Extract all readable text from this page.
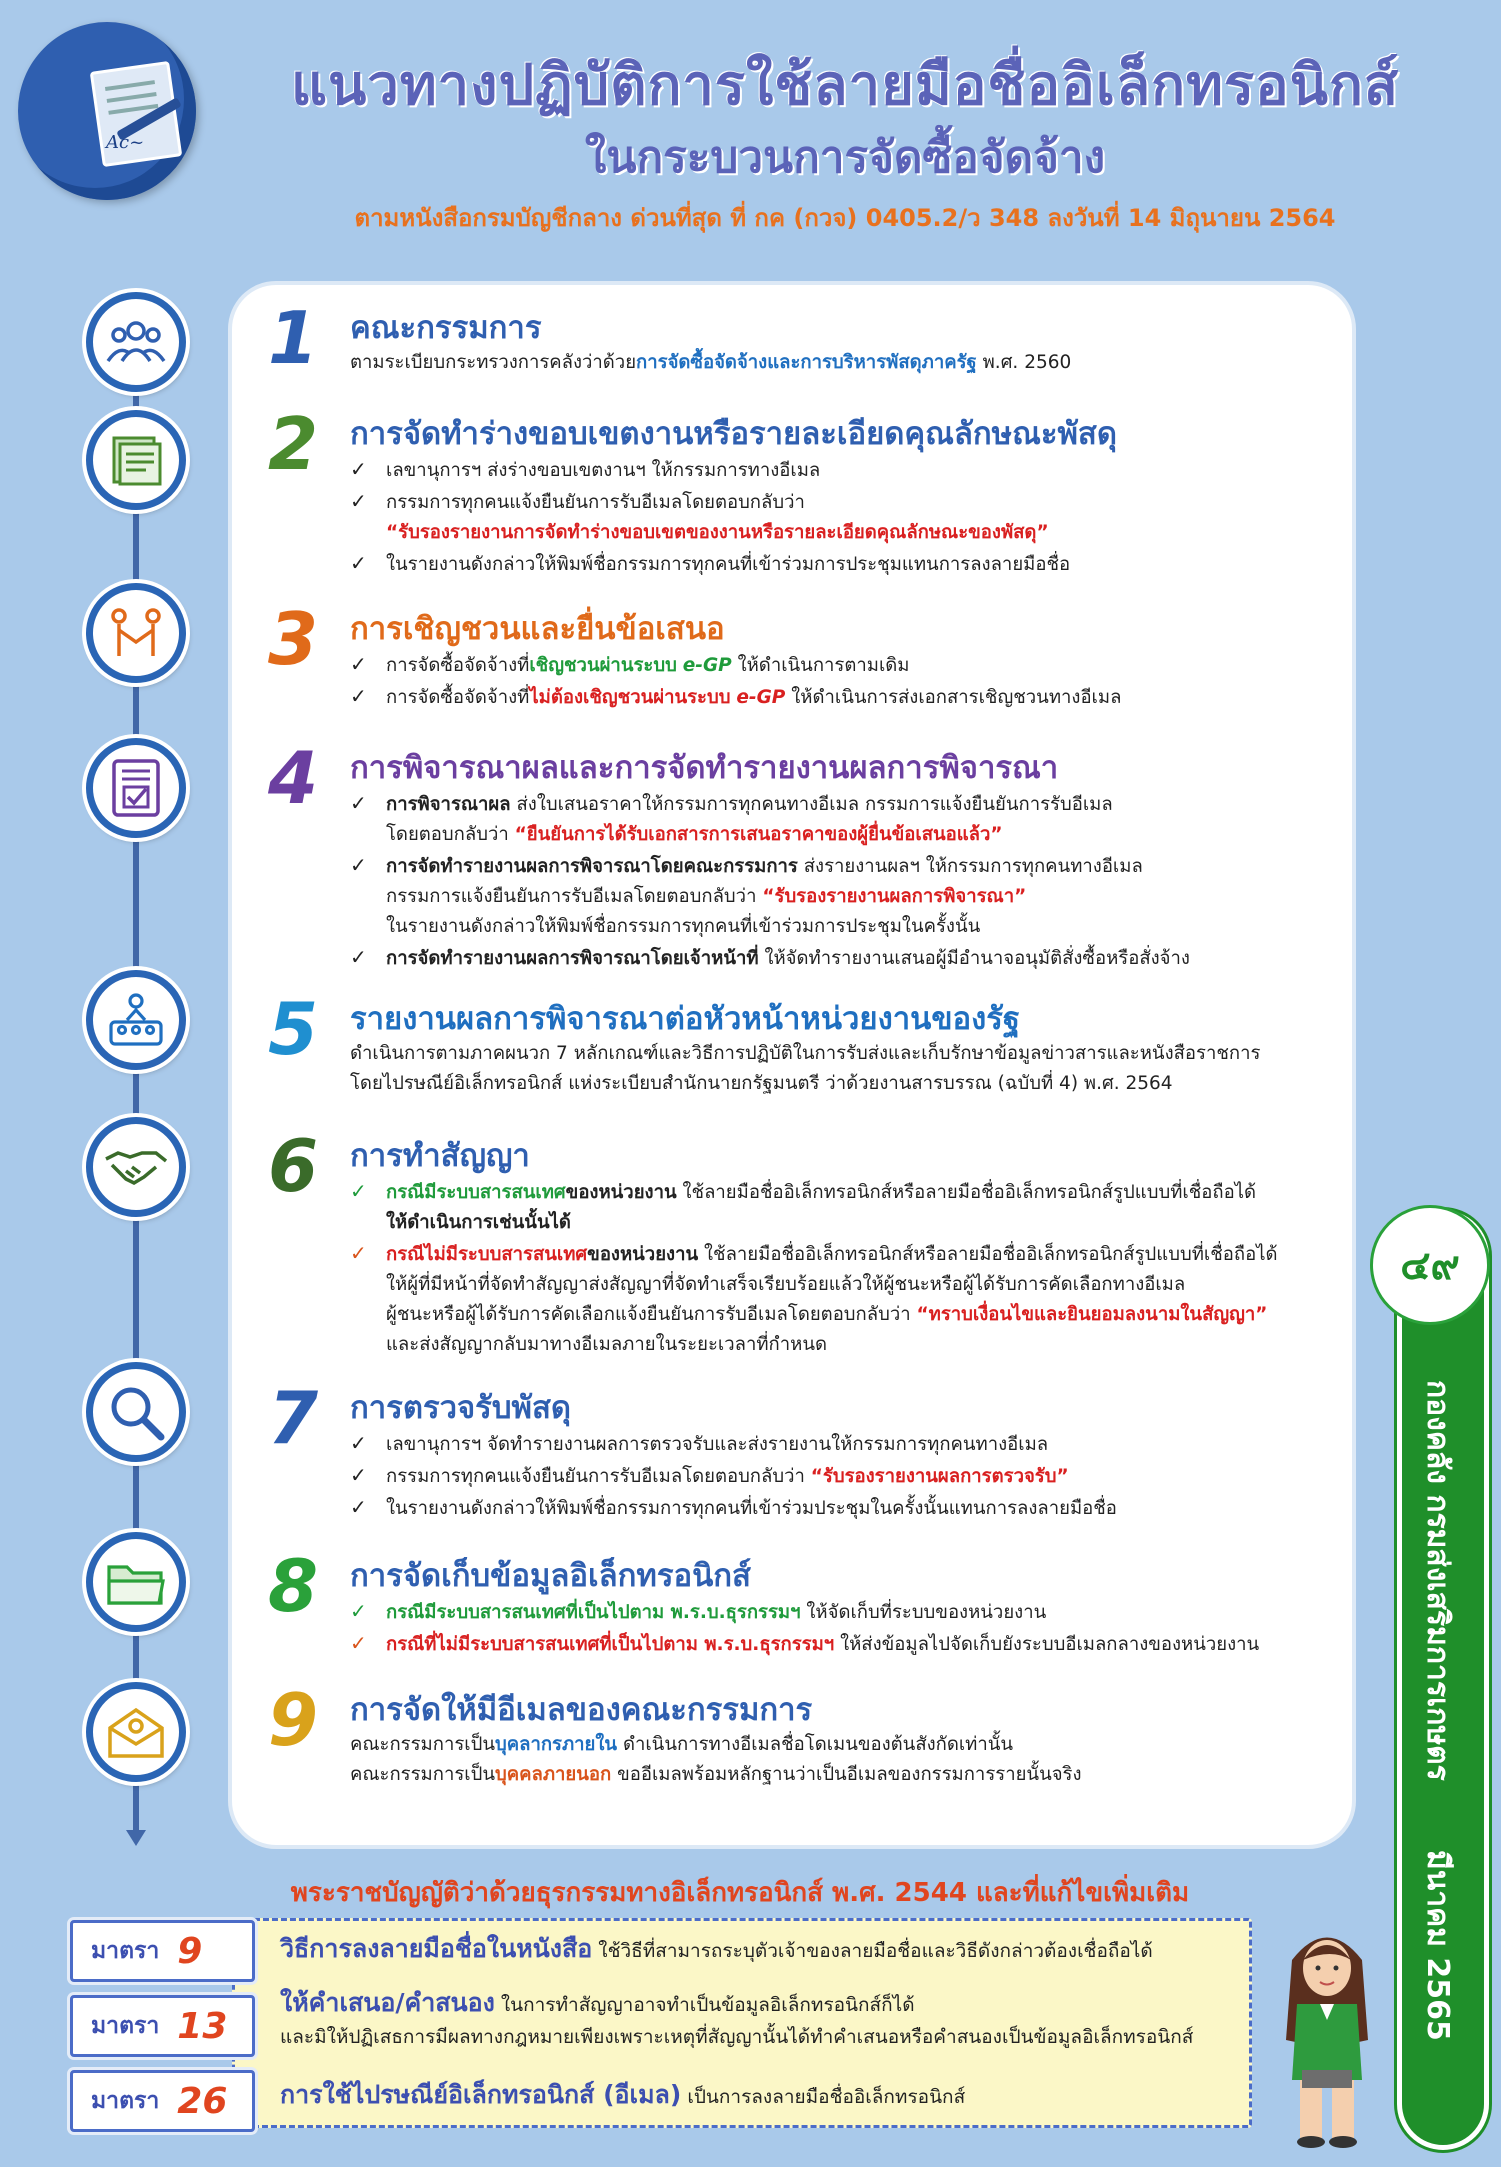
Ac~
แนวทางปฏิบัติการใช้ลายมือชื่ออิเล็กทรอนิกส์
ในกระบวนการจัดซื้อจัดจ้าง
ตามหนังสือกรมบัญชีกลาง ด่วนที่สุด ที่ กค (กวจ) 0405.2/ว 348 ลงวันที่ 14 มิถุนายน 2564
1	คณะกรรมการ
ตามระเบียบกระทรวงการคลังว่าด้วยการจัดซื้อจัดจ้างและการบริหารพัสดุภาครัฐ พ.ศ. 2560
2	การจัดทำร่างขอบเขตงานหรือรายละเอียดคุณลักษณะพัสดุ
✓ เลขานุการฯ ส่งร่างขอบเขตงานฯ ให้กรรมการทางอีเมล
✓ กรรมการทุกคนแจ้งยืนยันการรับอีเมลโดยตอบกลับว่า
“รับรองรายงานการจัดทำร่างขอบเขตของงานหรือรายละเอียดคุณลักษณะของพัสดุ”
✓ ในรายงานดังกล่าวให้พิมพ์ชื่อกรรมการทุกคนที่เข้าร่วมการประชุมแทนการลงลายมือชื่อ
3	การเชิญชวนและยื่นข้อเสนอ
✓ การจัดซื้อจัดจ้างที่เชิญชวนผ่านระบบ e-GP ให้ดำเนินการตามเดิม
✓ การจัดซื้อจัดจ้างที่ไม่ต้องเชิญชวนผ่านระบบ e-GP ให้ดำเนินการส่งเอกสารเชิญชวนทางอีเมล
4	การพิจารณาผลและการจัดทำรายงานผลการพิจารณา
✓ การพิจารณาผล ส่งใบเสนอราคาให้กรรมการทุกคนทางอีเมล กรรมการแจ้งยืนยันการรับอีเมล
โดยตอบกลับว่า “ยืนยันการได้รับเอกสารการเสนอราคาของผู้ยื่นข้อเสนอแล้ว”
✓ การจัดทำรายงานผลการพิจารณาโดยคณะกรรมการ ส่งรายงานผลฯ ให้กรรมการทุกคนทางอีเมล
กรรมการแจ้งยืนยันการรับอีเมลโดยตอบกลับว่า “รับรองรายงานผลการพิจารณา”
ในรายงานดังกล่าวให้พิมพ์ชื่อกรรมการทุกคนที่เข้าร่วมการประชุมในครั้งนั้น
✓ การจัดทำรายงานผลการพิจารณาโดยเจ้าหน้าที่ ให้จัดทำรายงานเสนอผู้มีอำนาจอนุมัติสั่งซื้อหรือสั่งจ้าง
5	รายงานผลการพิจารณาต่อหัวหน้าหน่วยงานของรัฐ
ดำเนินการตามภาคผนวก 7 หลักเกณฑ์และวิธีการปฏิบัติในการรับส่งและเก็บรักษาข้อมูลข่าวสารและหนังสือราชการ
โดยไปรษณีย์อิเล็กทรอนิกส์ แห่งระเบียบสำนักนายกรัฐมนตรี ว่าด้วยงานสารบรรณ (ฉบับที่ 4) พ.ศ. 2564
6	การทำสัญญา
✓ กรณีมีระบบสารสนเทศของหน่วยงาน ใช้ลายมือชื่ออิเล็กทรอนิกส์หรือลายมือชื่ออิเล็กทรอนิกส์รูปแบบที่เชื่อถือได้
ให้ดำเนินการเช่นนั้นได้
✓ กรณีไม่มีระบบสารสนเทศของหน่วยงาน ใช้ลายมือชื่ออิเล็กทรอนิกส์หรือลายมือชื่ออิเล็กทรอนิกส์รูปแบบที่เชื่อถือได้
ให้ผู้ที่มีหน้าที่จัดทำสัญญาส่งสัญญาที่จัดทำเสร็จเรียบร้อยแล้วให้ผู้ชนะหรือผู้ได้รับการคัดเลือกทางอีเมล
ผู้ชนะหรือผู้ได้รับการคัดเลือกแจ้งยืนยันการรับอีเมลโดยตอบกลับว่า “ทราบเงื่อนไขและยินยอมลงนามในสัญญา”
และส่งสัญญากลับมาทางอีเมลภายในระยะเวลาที่กำหนด
7	การตรวจรับพัสดุ
✓ เลขานุการฯ จัดทำรายงานผลการตรวจรับและส่งรายงานให้กรรมการทุกคนทางอีเมล
✓ กรรมการทุกคนแจ้งยืนยันการรับอีเมลโดยตอบกลับว่า “รับรองรายงานผลการตรวจรับ”
✓ ในรายงานดังกล่าวให้พิมพ์ชื่อกรรมการทุกคนที่เข้าร่วมประชุมในครั้งนั้นแทนการลงลายมือชื่อ
8	การจัดเก็บข้อมูลอิเล็กทรอนิกส์
✓ กรณีมีระบบสารสนเทศที่เป็นไปตาม พ.ร.บ.ธุรกรรมฯ ให้จัดเก็บที่ระบบของหน่วยงาน
✓ กรณีที่ไม่มีระบบสารสนเทศที่เป็นไปตาม พ.ร.บ.ธุรกรรมฯ ให้ส่งข้อมูลไปจัดเก็บยังระบบอีเมลกลางของหน่วยงาน
9	การจัดให้มีอีเมลของคณะกรรมการ
คณะกรรมการเป็นบุคลากรภายใน ดำเนินการทางอีเมลชื่อโดเมนของต้นสังกัดเท่านั้น
คณะกรรมการเป็นบุคคลภายนอก ขออีเมลพร้อมหลักฐานว่าเป็นอีเมลของกรรมการรายนั้นจริง
๔๙
กองคลัง กรมส่งเสริมการเกษตร
มีนาคม 2565
พระราชบัญญัติว่าด้วยธุรกรรมทางอิเล็กทรอนิกส์ พ.ศ. 2544 และที่แก้ไขเพิ่มเติม
มาตรา 9
มาตรา 13
มาตรา 26
วิธีการลงลายมือชื่อในหนังสือ ใช้วิธีที่สามารถระบุตัวเจ้าของลายมือชื่อและวิธีดังกล่าวต้องเชื่อถือได้
ให้คำเสนอ/คำสนอง ในการทำสัญญาอาจทำเป็นข้อมูลอิเล็กทรอนิกส์ก็ได้
และมิให้ปฏิเสธการมีผลทางกฎหมายเพียงเพราะเหตุที่สัญญานั้นได้ทำคำเสนอหรือคำสนองเป็นข้อมูลอิเล็กทรอนิกส์
การใช้ไปรษณีย์อิเล็กทรอนิกส์ (อีเมล) เป็นการลงลายมือชื่ออิเล็กทรอนิกส์
